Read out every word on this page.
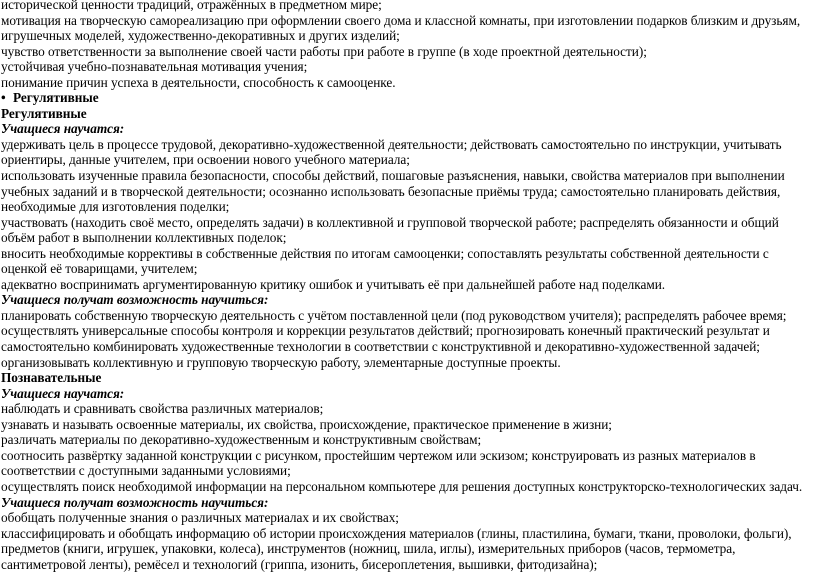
исторической ценности традиций, отражённых в предметном мире;

мотивация на творческую самореализацию при оформлении своего дома и классной комнаты, при изготовлении подарков близким и друзьям, игрушечных моделей, художественно-декоративных и других изделий;

чувство ответственности за выполнение своей части работы при работе в группе (в ходе проектной деятельности);

устойчивая учебно-познавательная мотивация учения;

понимание причин успеха в деятельности, способность к самооценке.

• Регулятивные

Регулятивные

Учащиеся научатся:

удерживать цель в процессе трудовой, декоративно-художественной деятельности; действовать самостоятельно по инструкции, учитывать ориентиры, данные учителем, при освоении нового учебного материала;

использовать изученные правила безопасности, способы действий, пошаговые разъяснения, навыки, свойства материалов при выполнении учебных заданий и в творческой деятельности; осознанно использовать безопасные приёмы труда; самостоятельно планировать действия, необходимые для изготовления поделки;

участвовать (находить своё место, определять задачи) в коллективной и групповой творческой работе; распределять обязанности и общий объём работ в выполнении коллективных поделок;

вносить необходимые коррективы в собственные действия по итогам самооценки; сопоставлять результаты собственной деятельности с оценкой её товарищами, учителем;

адекватно воспринимать аргументированную критику ошибок и учитывать её при дальнейшей работе над поделками.

Учащиеся получат возможность научиться:

планировать собственную творческую деятельность с учётом поставленной цели (под руководством учителя); распределять рабочее время;

осуществлять универсальные способы контроля и коррекции результатов действий; прогнозировать конечный практический результат и самостоятельно комбинировать художественные технологии в соответствии с конструктивной и декоративно-художественной задачей;

организовывать коллективную и групповую творческую работу, элементарные доступные проекты.

Познавательные

Учащиеся научатся:

наблюдать и сравнивать свойства различных материалов;

узнавать и называть освоенные материалы, их свойства, происхождение, практическое применение в жизни;

различать материалы по декоративно-художественным и конструктивным свойствам;

соотносить развёртку заданной конструкции с рисунком, простейшим чертежом или эскизом; конструировать из разных материалов в соответствии с доступными заданными условиями;

осуществлять поиск необходимой информации на персональном компьютере для решения доступных конструкторско-технологических задач.

Учащиеся получат возможность научиться:

обобщать полученные знания о различных материалах и их свойствах;

классифицировать и обобщать информацию об истории происхождения материалов (глины, пластилина, бумаги, ткани, проволоки, фольги), предметов (книги, игрушек, упаковки, колеса), инструментов (ножниц, шила, иглы), измерительных приборов (часов, термометра, сантиметровой ленты), ремёсел и технологий (гриппа, изонить, бисероплетения, вышивки, фитодизайна);
